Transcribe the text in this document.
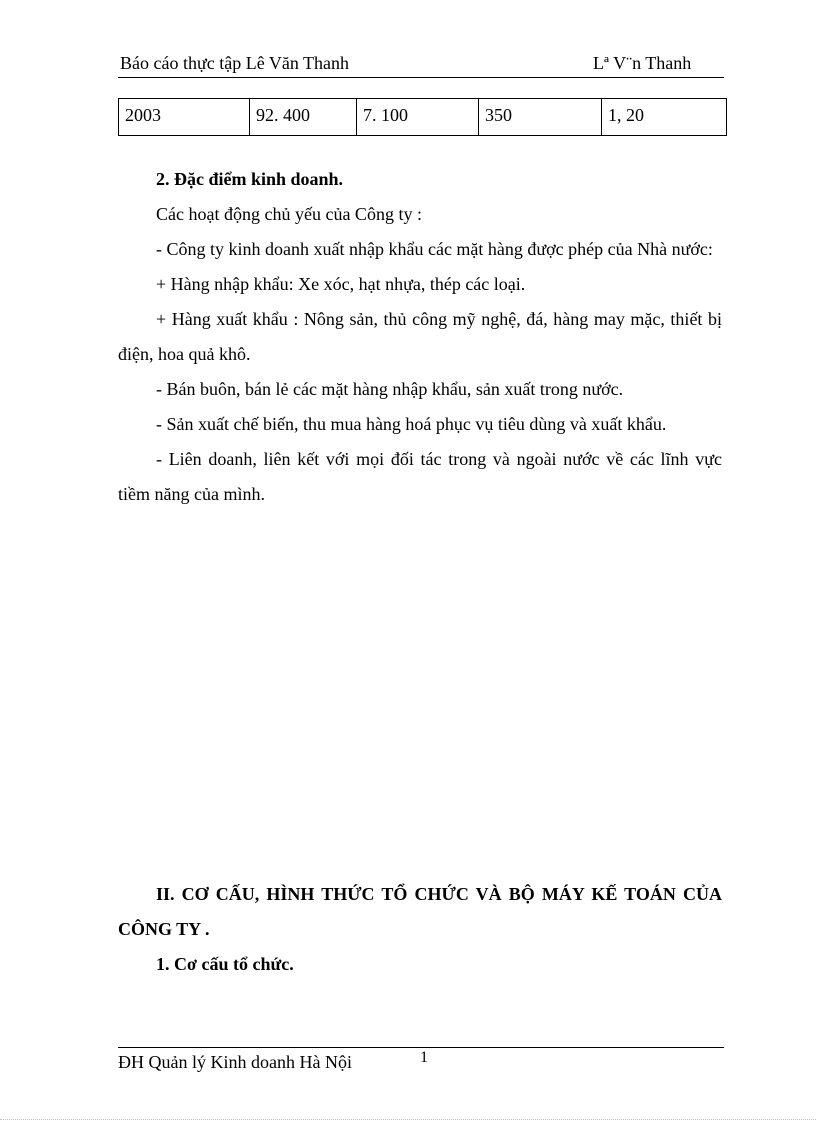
Báo cáo thực tập Lê Văn Thanh	Lª V¨n Thanh
2003	92. 400	7. 100	350	1, 20

2. Đặc điểm kinh doanh.

Các hoạt động chủ yếu của Công ty :

- Công ty kinh doanh xuất nhập khẩu các mặt hàng được phép của Nhà nước:

+ Hàng nhập khẩu: Xe xóc, hạt nhựa, thép các loại.

+ Hàng xuất khẩu : Nông sản, thủ công mỹ nghệ, đá, hàng may mặc, thiết bị điện, hoa quả khô.

- Bán buôn, bán lẻ các mặt hàng nhập khẩu, sản xuất trong nước.

- Sản xuất chế biến, thu mua hàng hoá phục vụ tiêu dùng và xuất khẩu.

- Liên doanh, liên kết với mọi đối tác trong và ngoài nước về các lĩnh vực tiềm năng của mình.

II. CƠ CẤU, HÌNH THỨC TỔ CHỨC VÀ BỘ MÁY KẾ TOÁN CỦA CÔNG TY .

1. Cơ cấu tổ chức.

ĐH Quản lý Kinh doanh Hà Nội	1
